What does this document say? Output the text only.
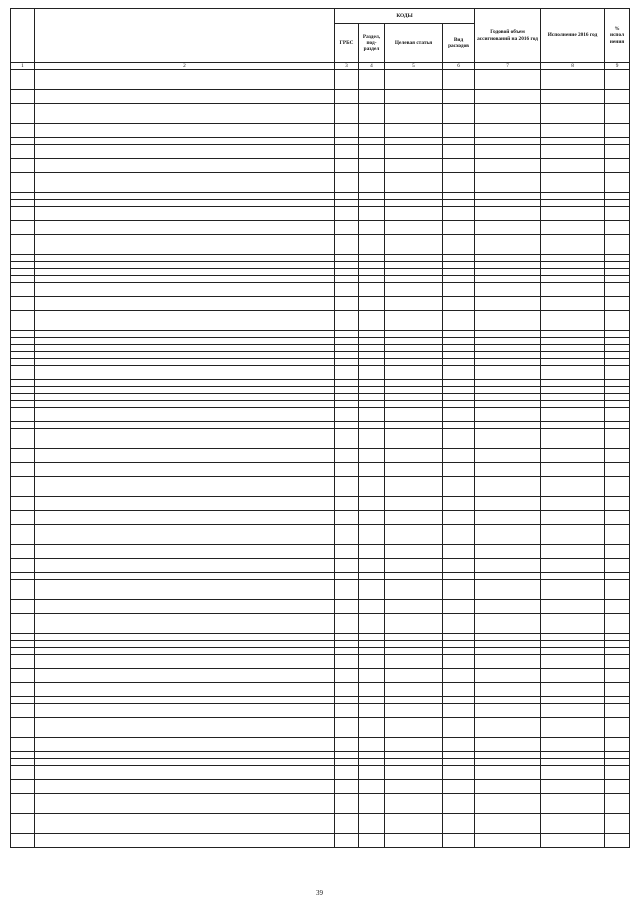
		КОДЫ				Годовой объем ассигнований на 2016 год	Исполнение 2016 год	% испол нения
		ГРБС	Раздел, под-раздел	Целевая статья	Вид расходов			
1	2	3	4	5	6	7	8	9

39
